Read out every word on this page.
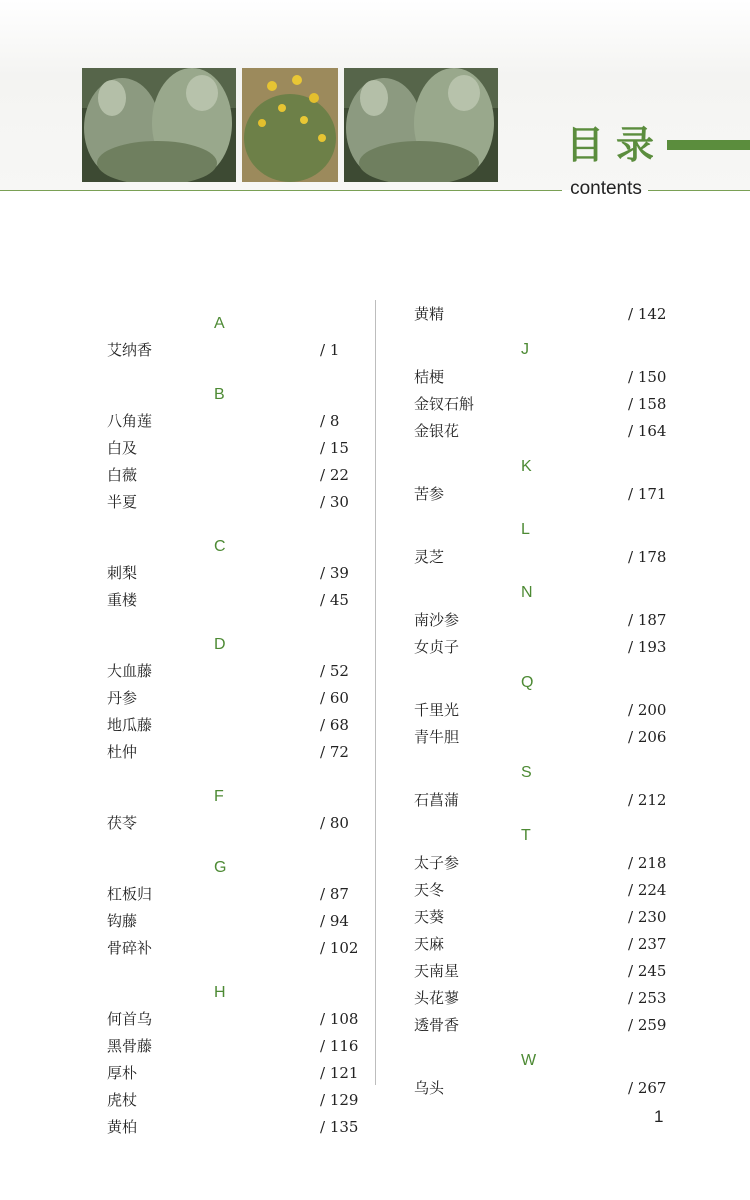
目录
contents
A
艾纳香	/ 1
B
八角莲	/ 8
白及	/ 15
白薇	/ 22
半夏	/ 30
C
刺梨	/ 39
重楼	/ 45
D
大血藤	/ 52
丹参	/ 60
地瓜藤	/ 68
杜仲	/ 72
F
茯苓	/ 80
G
杠板归	/ 87
钩藤	/ 94
骨碎补	/ 102
H
何首乌	/ 108
黑骨藤	/ 116
厚朴	/ 121
虎杖	/ 129
黄柏	/ 135
黄精	/ 142
J
桔梗	/ 150
金钗石斛	/ 158
金银花	/ 164
K
苦参	/ 171
L
灵芝	/ 178
N
南沙参	/ 187
女贞子	/ 193
Q
千里光	/ 200
青牛胆	/ 206
S
石菖蒲	/ 212
T
太子参	/ 218
天冬	/ 224
天葵	/ 230
天麻	/ 237
天南星	/ 245
头花蓼	/ 253
透骨香	/ 259
W
乌头	/ 267
1
